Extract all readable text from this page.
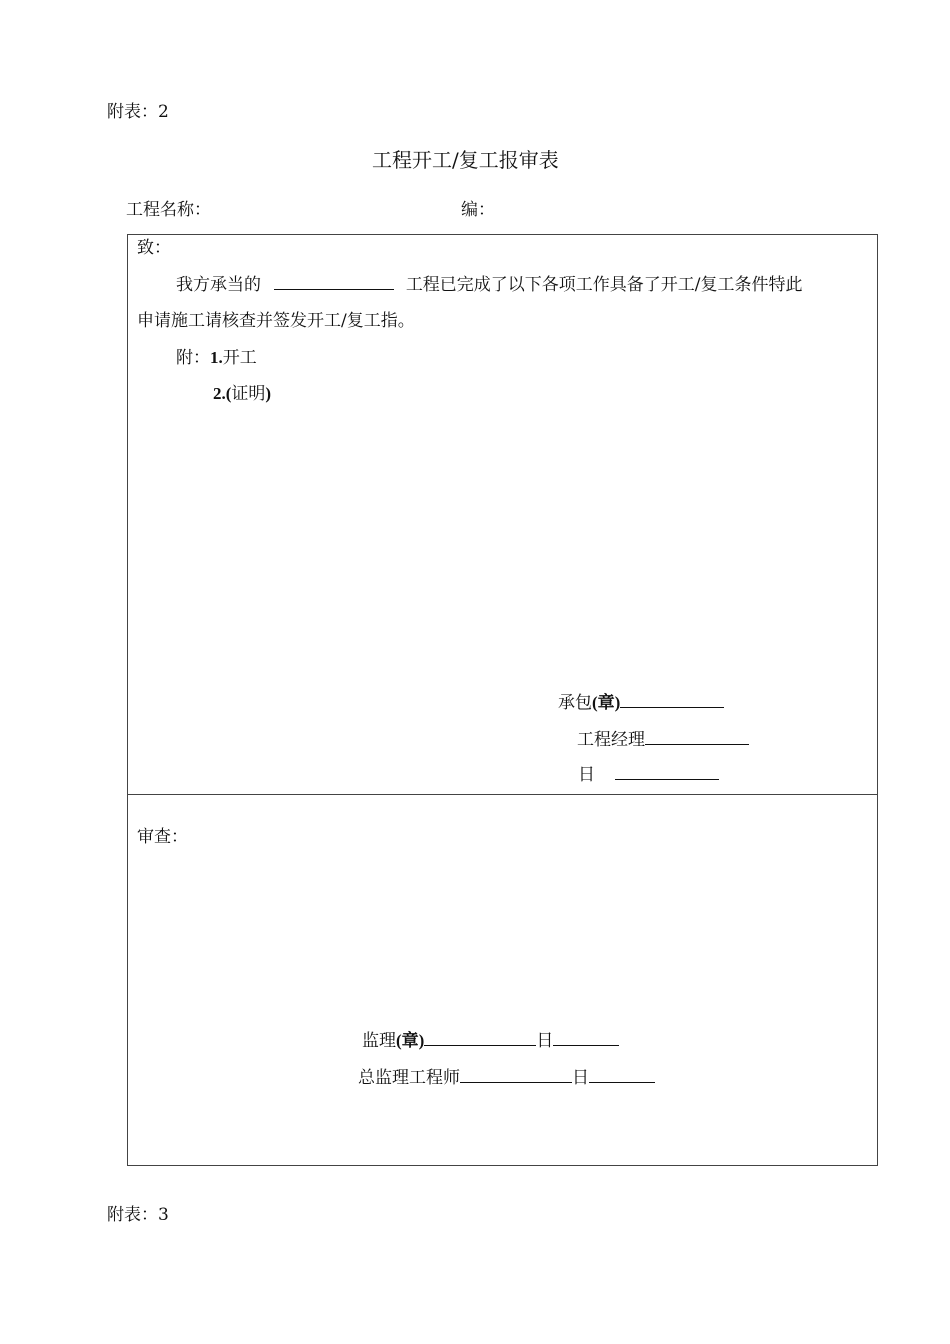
附表：2
工程开工/复工报审表
工程名称：	编：
致：
我方承当的	工程已完成了以下各项工作具备了开工/复工条件特此
申请施工请核查并签发开工/复工指。
附：1.开工
2.(证明)
承包(章)
工程经理
日
审查：
监理(章)	日
总监理工程师	日
附表：3
